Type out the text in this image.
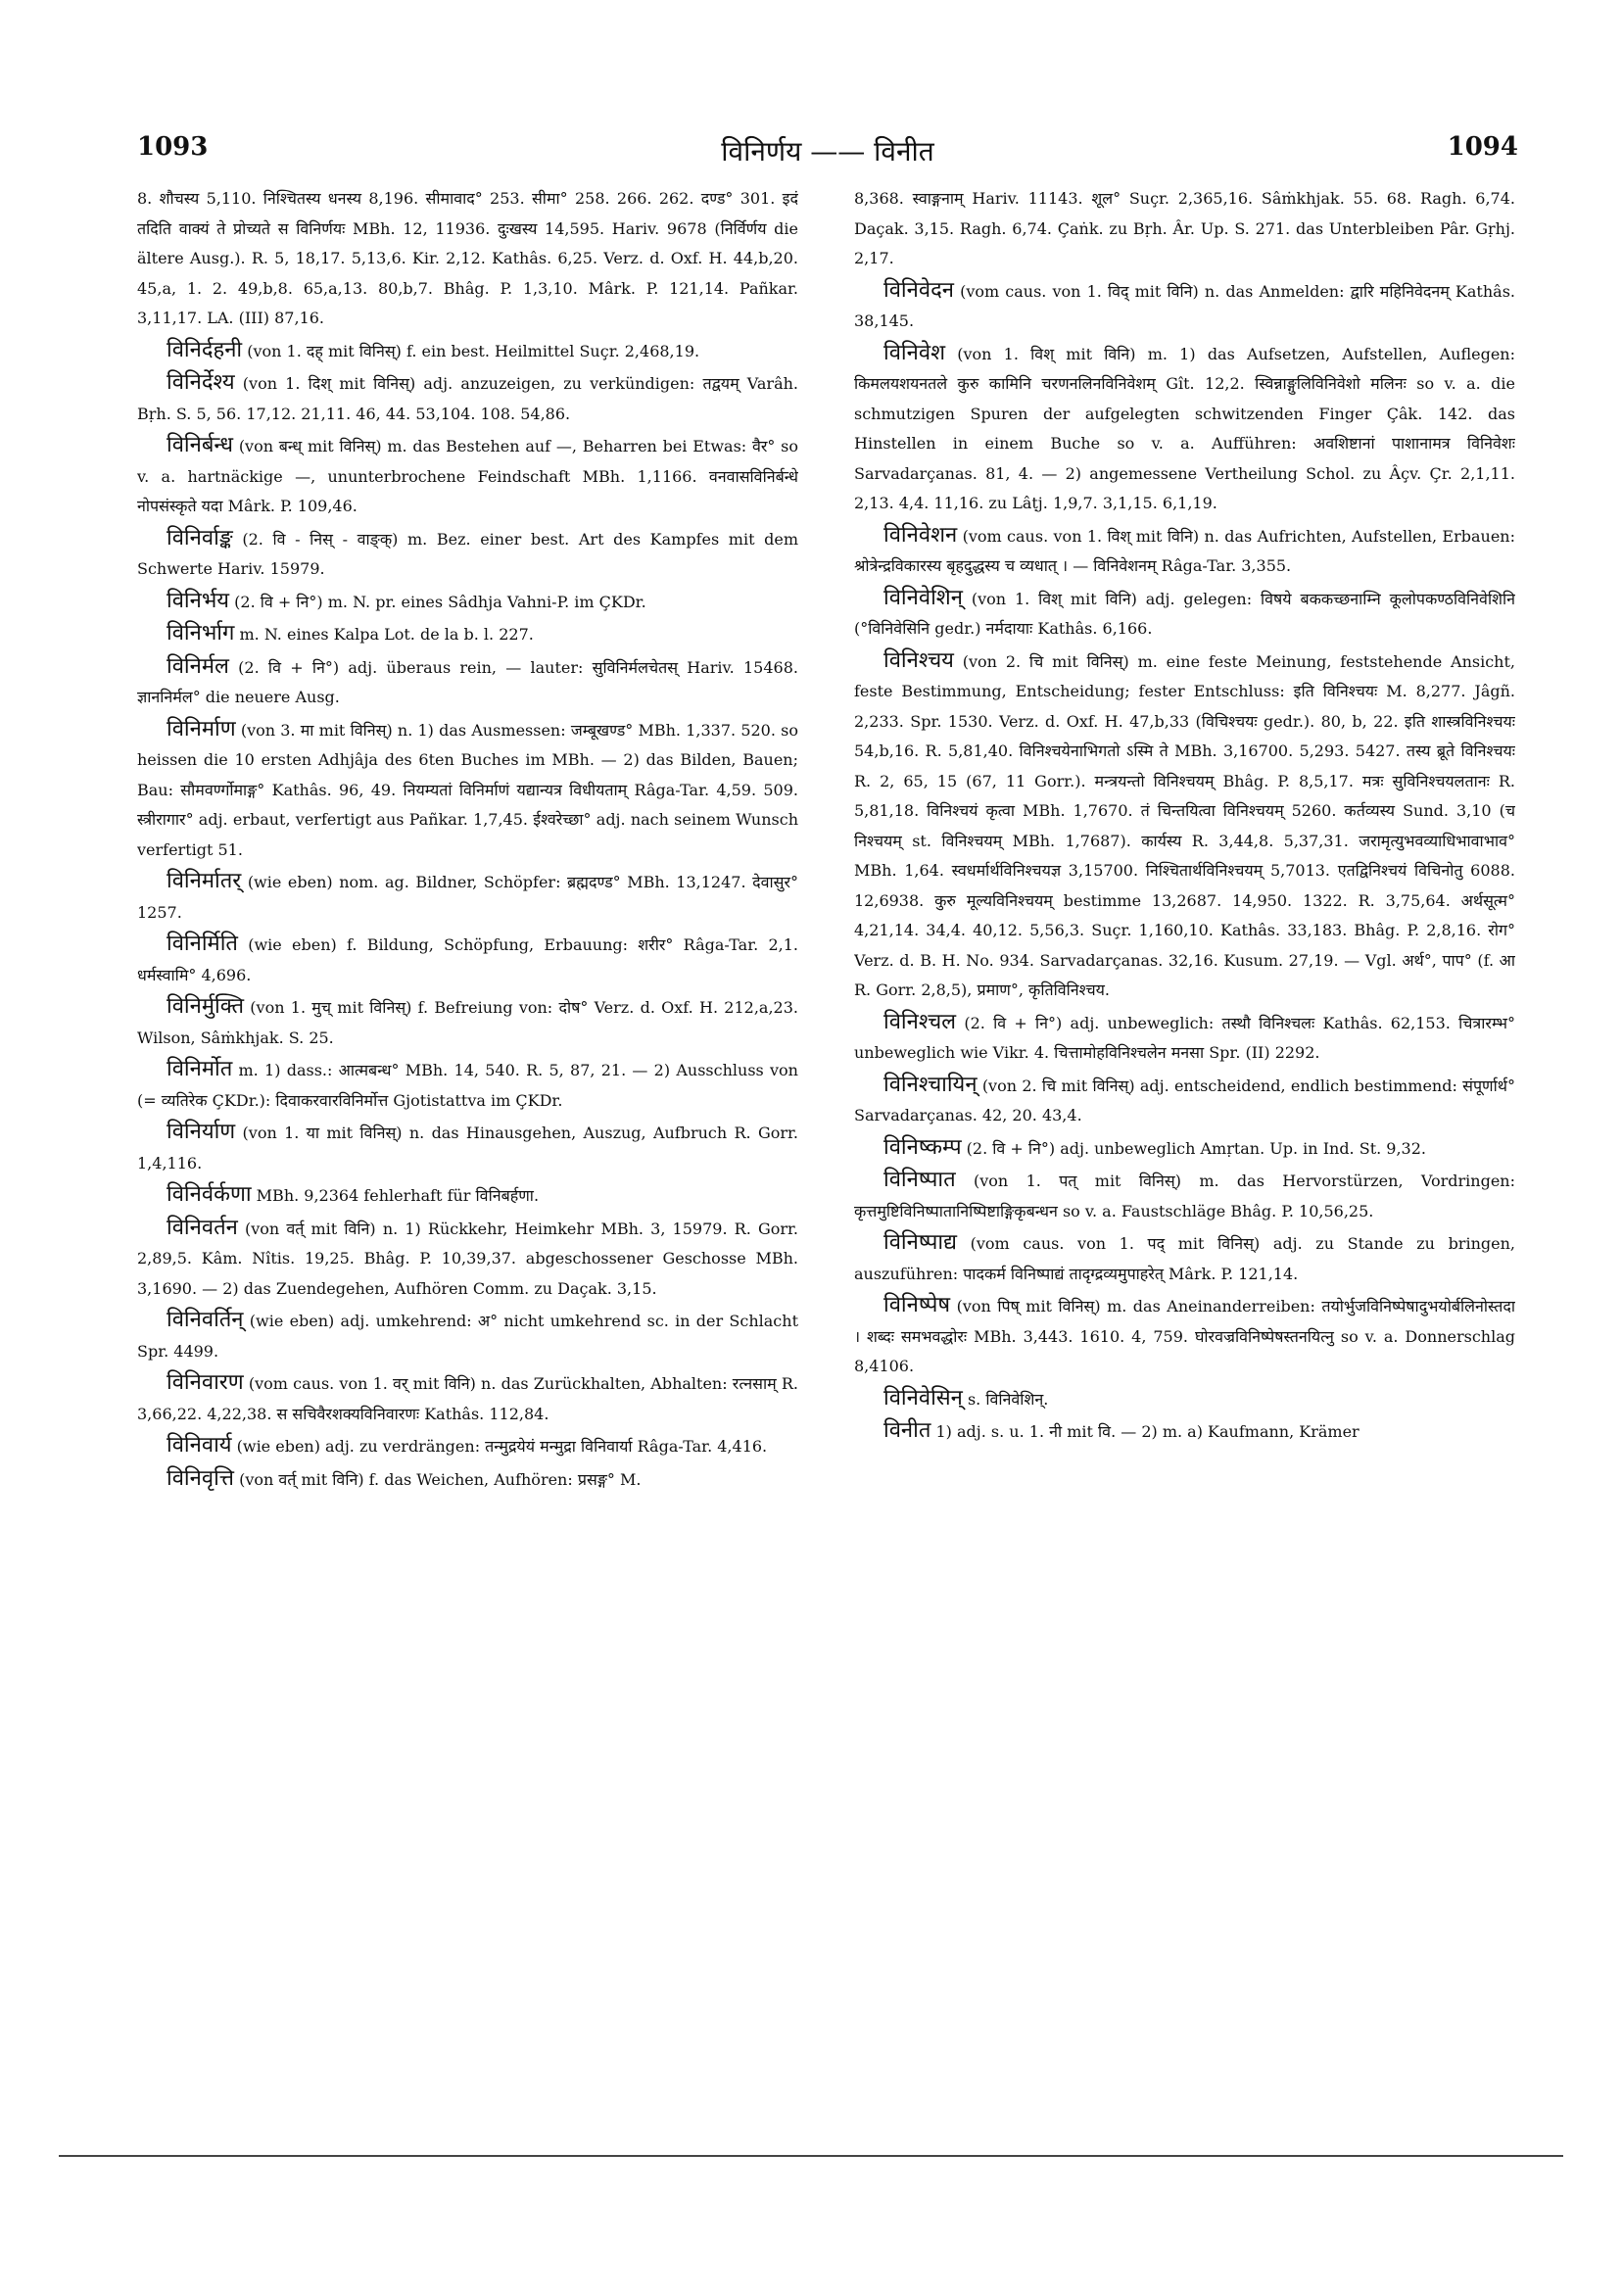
1093	विनिर्णय —— विनीत	1094

8. शौचस्य 5,110. निश्चितस्य धनस्य 8,196. सीमावाद° 253. सीमा° 258. 266. 262. दण्ड° 301. इदं तदिति वाक्यं ते प्रोच्यते स विनिर्णयः MBh. 12, 11936. दुःखस्य 14,595. Hariv. 9678 (निर्विर्णय die ältere Ausg.). R. 5, 18,17. 5,13,6. Kir. 2,12. Kathâs. 6,25. Verz. d. Oxf. H. 44,b,20. 45,a, 1. 2. 49,b,8. 65,a,13. 80,b,7. Bhâg. P. 1,3,10. Mârk. P. 121,14. Pañkar. 3,11,17. LA. (III) 87,16.

विनिर्दहनी (von 1. दह् mit विनिस्) f. ein best. Heilmittel Suçr. 2,468,19.

विनिर्देश्य (von 1. दिश् mit विनिस्) adj. anzuzeigen, zu verkündigen: तद्वयम् Varâh. Bṛh. S. 5, 56. 17,12. 21,11. 46, 44. 53,104. 108. 54,86.

विनिर्बन्ध (von बन्ध् mit विनिस्) m. das Bestehen auf —, Beharren bei Etwas: वैर° so v. a. hartnäckige —, ununterbrochene Feindschaft MBh. 1,1166. वनवासविनिर्बन्धे नोपसंस्कृते यदा Mârk. P. 109,46.

विनिर्वाङ्क (2. वि - निस् - वाङ्क्) m. Bez. einer best. Art des Kampfes mit dem Schwerte Hariv. 15979.

विनिर्भय (2. वि + नि°) m. N. pr. eines Sâdhja Vahni-P. im ÇKDr.

विनिर्भाग m. N. eines Kalpa Lot. de la b. l. 227.

विनिर्मल (2. वि + नि°) adj. überaus rein, — lauter: सुविनिर्मलचेतस् Hariv. 15468. ज्ञाननिर्मल° die neuere Ausg.

विनिर्माण (von 3. मा mit विनिस्) n. 1) das Ausmessen: जम्बूखण्ड° MBh. 1,337. 520. so heissen die 10 ersten Adhjâja des 6ten Buches im MBh. — 2) das Bilden, Bauen; Bau: सौमवर्ण्गोमाङ्ग° Kathâs. 96, 49. नियम्यतां विनिर्माणं यद्यान्यत्र विधीयताम् Râga-Tar. 4,59. 509. स्त्रीरागार° adj. erbaut, verfertigt aus Pañkar. 1,7,45. ईश्वरेच्छा° adj. nach seinem Wunsch verfertigt 51.

विनिर्मातर् (wie eben) nom. ag. Bildner, Schöpfer: ब्रह्मदण्ड° MBh. 13,1247. देवासुर° 1257.

विनिर्मिति (wie eben) f. Bildung, Schöpfung, Erbauung: शरीर° Râga-Tar. 2,1. धर्मस्वामि° 4,696.

विनिर्मुक्ति (von 1. मुच् mit विनिस्) f. Befreiung von: दोष° Verz. d. Oxf. H. 212,a,23. Wilson, Sâṁkhjak. S. 25.

विनिर्मोत m. 1) dass.: आत्मबन्ध° MBh. 14, 540. R. 5, 87, 21. — 2) Ausschluss von (= व्यतिरेक ÇKDr.): दिवाकरवारविनिर्मोत्त Gjotistattva im ÇKDr.

विनिर्याण (von 1. या mit विनिस्) n. das Hinausgehen, Auszug, Aufbruch R. Gorr. 1,4,116.

विनिर्वर्कणा MBh. 9,2364 fehlerhaft für विनिबर्हणा.

विनिवर्तन (von वर्त् mit विनि) n. 1) Rückkehr, Heimkehr MBh. 3, 15979. R. Gorr. 2,89,5. Kâm. Nîtis. 19,25. Bhâg. P. 10,39,37. abgeschossener Geschosse MBh. 3,1690. — 2) das Zuendegehen, Aufhören Comm. zu Daçak. 3,15.

विनिवर्तिन् (wie eben) adj. umkehrend: अ° nicht umkehrend sc. in der Schlacht Spr. 4499.

विनिवारण (vom caus. von 1. वर् mit विनि) n. das Zurückhalten, Abhalten: रत्नसाम् R. 3,66,22. 4,22,38. स सचिवैरशक्यविनिवारणः Kathâs. 112,84.

विनिवार्य (wie eben) adj. zu verdrängen: तन्मुद्रयेयं मन्मुद्रा विनिवार्या Râga-Tar. 4,416.

विनिवृत्ति (von वर्त् mit विनि) f. das Weichen, Aufhören: प्रसङ्ग° M.

8,368. स्वाङ्गनाम् Hariv. 11143. शूल° Suçr. 2,365,16. Sâṁkhjak. 55. 68. Ragh. 6,74. Daçak. 3,15. Ragh. 6,74. Çaṅk. zu Bṛh. Âr. Up. S. 271. das Unterbleiben Pâr. Gṛhj. 2,17.

विनिवेदन (vom caus. von 1. विद् mit विनि) n. das Anmelden: द्वारि महिनिवेदनम् Kathâs. 38,145.

विनिवेश (von 1. विश् mit विनि) m. 1) das Aufsetzen, Aufstellen, Auflegen: किमलयशयनतले कुरु कामिनि चरणनलिनविनिवेशम् Gît. 12,2. स्विन्नाङ्गुलिविनिवेशो मलिनः so v. a. die schmutzigen Spuren der aufgelegten schwitzenden Finger Çâk. 142. das Hinstellen in einem Buche so v. a. Aufführen: अवशिष्टानां पाशानामत्र विनिवेशः Sarvadarçanas. 81, 4. — 2) angemessene Vertheilung Schol. zu Âçv. Çr. 2,1,11. 2,13. 4,4. 11,16. zu Lâṭj. 1,9,7. 3,1,15. 6,1,19.

विनिवेशन (vom caus. von 1. विश् mit विनि) n. das Aufrichten, Aufstellen, Erbauen: श्रोत्रेन्द्रविकारस्य बृहदुद्धस्य च व्यधात् । — विनिवेशनम् Râga-Tar. 3,355.

विनिवेशिन् (von 1. विश् mit विनि) adj. gelegen: विषये बककच्छनाम्नि कूलोपकण्ठविनिवेशिनि (°विनिवेसिनि gedr.) नर्मदायाः Kathâs. 6,166.

विनिश्चय (von 2. चि mit विनिस्) m. eine feste Meinung, feststehende Ansicht, feste Bestimmung, Entscheidung; fester Entschluss: इति विनिश्चयः M. 8,277. Jâgñ. 2,233. Spr. 1530. Verz. d. Oxf. H. 47,b,33 (विचिश्चयः gedr.). 80, b, 22. इति शास्त्रविनिश्चयः 54,b,16. R. 5,81,40. विनिश्चयेनाभिगतो ऽस्मि ते MBh. 3,16700. 5,293. 5427. तस्य ब्रूते विनिश्चयः R. 2, 65, 15 (67, 11 Gorr.). मन्त्रयन्तो विनिश्चयम् Bhâg. P. 8,5,17. मत्रः सुविनिश्चयलतानः R. 5,81,18. विनिश्चयं कृत्वा MBh. 1,7670. तं चिन्तयित्वा विनिश्चयम् 5260. कर्तव्यस्य Sund. 3,10 (च निश्चयम् st. विनिश्चयम् MBh. 1,7687). कार्यस्य R. 3,44,8. 5,37,31. जरामृत्युभवव्याधिभावाभाव° MBh. 1,64. स्वधर्मार्थविनिश्चयज्ञ 3,15700. निश्चितार्थविनिश्चयम् 5,7013. एतद्विनिश्चयं विचिनोतु 6088. 12,6938. कुरु मूल्यविनिश्चयम् bestimme 13,2687. 14,950. 1322. R. 3,75,64. अर्थसूत्म° 4,21,14. 34,4. 40,12. 5,56,3. Suçr. 1,160,10. Kathâs. 33,183. Bhâg. P. 2,8,16. रोग° Verz. d. B. H. No. 934. Sarvadarçanas. 32,16. Kusum. 27,19. — Vgl. अर्थ°, पाप° (f. आ R. Gorr. 2,8,5), प्रमाण°, कृतिविनिश्चय.

विनिश्चल (2. वि + नि°) adj. unbeweglich: तस्थौ विनिश्चलः Kathâs. 62,153. चित्रारम्भ° unbeweglich wie Vikr. 4. चित्तामोहविनिश्चलेन मनसा Spr. (II) 2292.

विनिश्चायिन् (von 2. चि mit विनिस्) adj. entscheidend, endlich bestimmend: संपूर्णार्थ° Sarvadarçanas. 42, 20. 43,4.

विनिष्कम्प (2. वि + नि°) adj. unbeweglich Amṛtan. Up. in Ind. St. 9,32.

विनिष्पात (von 1. पत् mit विनिस्) m. das Hervorstürzen, Vordringen: कृत्तमुष्टिविनिष्पातानिष्पिष्टाङ्गिकृबन्धन so v. a. Faustschläge Bhâg. P. 10,56,25.

विनिष्पाद्य (vom caus. von 1. पद् mit विनिस्) adj. zu Stande zu bringen, auszuführen: पादकर्म विनिष्पाद्यं तादृग्द्रव्यमुपाहरेत् Mârk. P. 121,14.

विनिष्पेष (von पिष् mit विनिस्) m. das Aneinanderreiben: तयोर्भुजविनिष्पेषादुभयोर्बलिनोस्तदा । शब्दः समभवद्धोरः MBh. 3,443. 1610. 4, 759. घोरवज्रविनिष्पेषस्तनयित्नु so v. a. Donnerschlag 8,4106.

विनिवेसिन् s. विनिवेशिन्.

विनीत 1) adj. s. u. 1. नी mit वि. — 2) m. a) Kaufmann, Krämer
